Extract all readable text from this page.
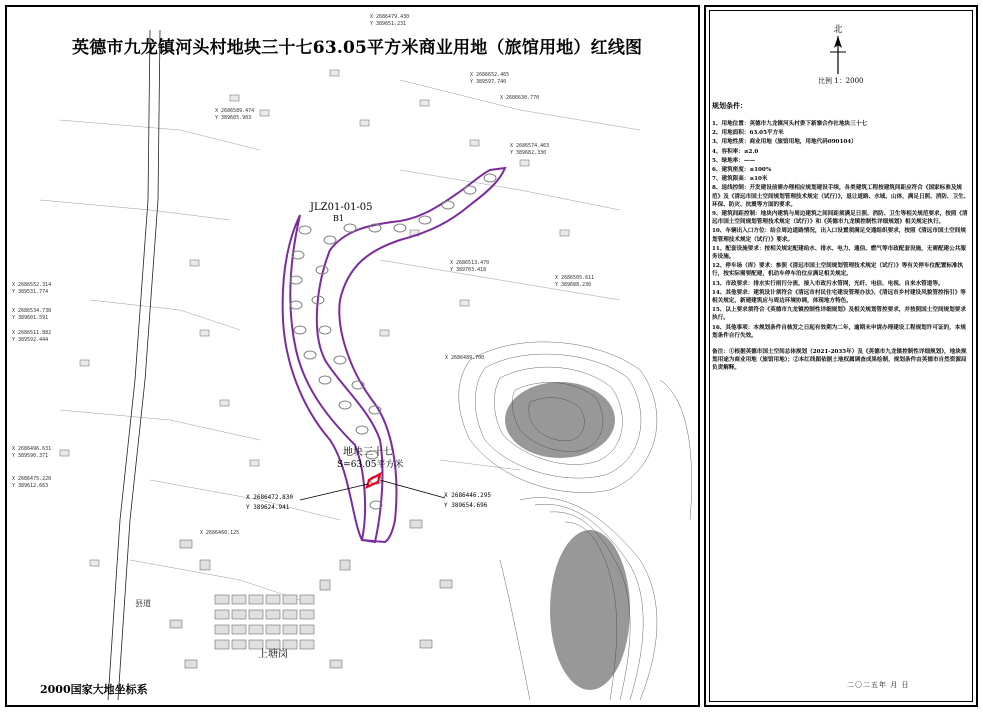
英德市九龙镇河头村地块三十七63.05平方米商业用地（旅馆用地）红线图
JLZ01-01-05
B1
地块三十七
S=63.05平方米
上塘岗
县道
X 2686472.830
Y 389624.941
X 2686446.295
Y 389654.696
X 2686479.430
Y 389651.231
X 2686652.465
Y 389597.740
X 2686630.770
X 2686589.474
Y 389605.903
X 2686574.463
Y 389682.330
X 2686552.314
Y 389531.774
X 2686534.738
Y 389601.591
X 2686511.882
Y 389592.444
X 2686496.631
Y 389590.371
X 2686475.220
Y 389612.663
X 2686460.125
X 2686513.470
Y 389703.418
X 2686505.611
Y 389688.230
X 2686489.700
2000国家大地坐标系
北
比例 1：2000
规划条件：

1、用地位置：英德市九龙镇河头村委下新寨合作社地块三十七

2、用地面积：63.05平方米

3、用地性质：商业用地（旅馆用地，用地代码090104）

4、容积率：≤2.0

5、绿地率：——

6、建筑密度：≤100%

7、建筑限高：≤10米

8、退线控制：开发建设前需办理相应规划建设手续，各类建筑工程按建筑间距应符合《国家标准及规范》及《清远市国土空间规划管理技术规定（试行）》，退让道路、水域、山体，满足日照、消防、卫生、环保、防灾、抗震等方面的要求。

9、建筑间距控制：地块内建筑与周边建筑之间间距须满足日照、消防、卫生等相关规范要求，按照《清远市国土空间规划管理技术规定（试行）》和《英德市九龙镇控制性详细规划》相关规定执行。

10、车辆出入口方位：结合周边道路情况，出入口设置须满足交通组织要求，按照《清远市国土空间规划管理技术规定（试行）》要求。

11、配套设施要求：按相关规定配建给水、排水、电力、通信、燃气等市政配套设施，无需配建公共服务设施。

12、停车场（库）要求：参照《清远市国土空间规划管理技术规定（试行）》等有关停车位配置标准执行，按实际需要配建，机动车停车泊位应满足相关规定。

13、市政要求：排水实行雨污分流，接入市政污水管网，光纤、电信、电视、自来水管道等。

14、其他要求：建筑设计须符合《清远市村民住宅建设管理办法》、《清远市乡村建设风貌管控指引》等相关规定，新建建筑应与周边环境协调，体现地方特色。

15、以上要求须符合《英德市九龙镇控制性详细规划》及相关规划管控要求，并按照国土空间规划要求执行。

16、其他事项：本规划条件自核发之日起有效期为二年，逾期未申请办理建设工程规划许可证的，本规划条件自行失效。

备注：①根据英德市国土空间总体规划（2021-2035年）及《英德市九龙镇控制性详细规划》，地块规划用途为商业用地（旅馆用地）；②本红线图依据土地权属调查成果绘制，规划条件由英德市自然资源局负责解释。

二〇二五年 月 日
